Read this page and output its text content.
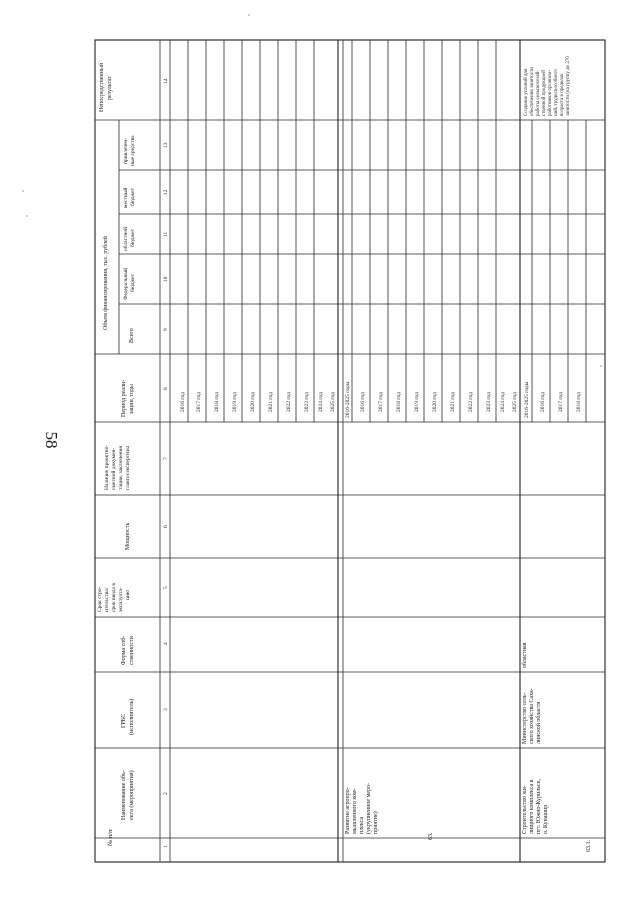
58
№ п/п
Наименование объ- екта (мероприятия)
ГРБС (исполнитель)
Форма соб- ственности
Срок стро- ительства/ срок ввода в эксплуата- цию
Мощность
Наличие проектно- сметной докумен- тации, заключения главгосэкспертизы
Период реали- зации, годы
Объем финансирования, тыс. рублей
Всего
Федеральный бюджет
областной бюджет
местный бюджет
привлечен- ные средства
Непосредственный результат
1
2
3
4
5
6
7
8
9
10
11
12
13
14
2016 год 2017 год 2018 год 2019 год 2020 год 2021 год 2022 год 2023 год 2024 год 2025 год
63.
Развитие агропро- мышленного ком- плекса (укрупненное меро- приятие)
2016-2025 годы 2016 год 2017 год 2018 год 2019 год 2020 год 2021 год 2022 год 2023 год 2024 год 2025 год
63.1.
Строительство жи- лищного комплекса в пгт. Южно-Курильск, о. Кунашир
Министерство сель- ского хозяйства Саха- линской области
областная
2016-2025 годы 2016 год 2017 год 2018 год
Создание условий для обеспечения занятости работы сельскохозяй- ственной продукцией работников организа- ций, трудоспособного возраста в пределах занятости (на группу до 270
